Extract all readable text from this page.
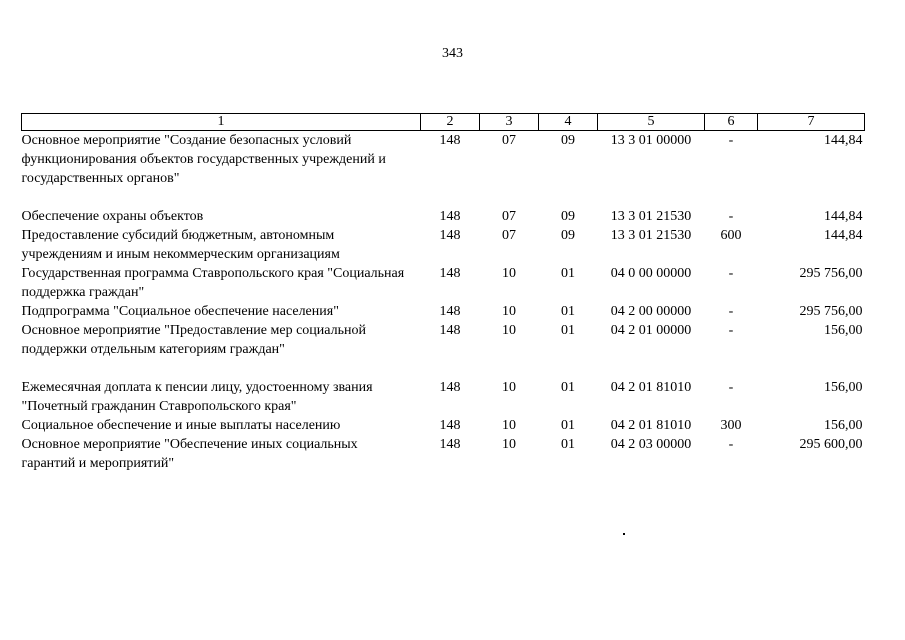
343
1	2	3	4	5	6	7
Основное мероприятие "Создание безопасных условий функционирования объектов государственных учреждений и государственных органов"	148	07	09	13 3 01 00000	-	144,84

Обеспечение охраны объектов	148	07	09	13 3 01 21530	-	144,84
Предоставление субсидий бюджетным, автономным учреждениям и иным некоммерческим организациям	148	07	09	13 3 01 21530	600	144,84
Государственная программа Ставропольского края "Социальная поддержка граждан"	148	10	01	04 0 00 00000	-	295 756,00
Подпрограмма "Социальное обеспечение населения"	148	10	01	04 2 00 00000	-	295 756,00
Основное мероприятие "Предоставление мер социальной поддержки отдельным категориям граждан"	148	10	01	04 2 01 00000	-	156,00

Ежемесячная доплата к пенсии лицу, удостоенному звания "Почетный гражданин Ставропольского края"	148	10	01	04 2 01 81010	-	156,00
Социальное обеспечение и иные выплаты населению	148	10	01	04 2 01 81010	300	156,00
Основное мероприятие "Обеспечение иных социальных гарантий и мероприятий"	148	10	01	04 2 03 00000	-	295 600,00
